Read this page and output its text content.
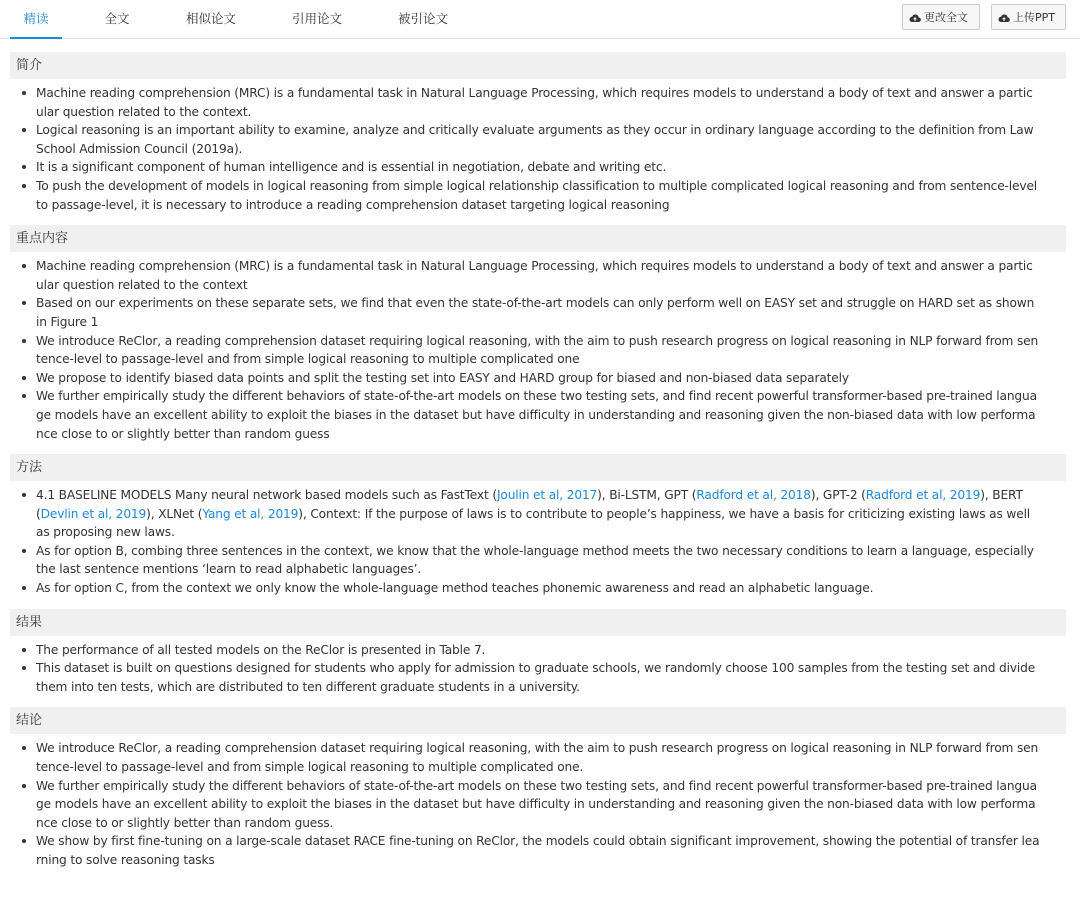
精读	全文	相似论文	引用论文	被引论文	更改全文	上传PPT
简介
Machine reading comprehension (MRC) is a fundamental task in Natural Language Processing, which requires models to understand a body of text and answer a particular question related to the context.
Logical reasoning is an important ability to examine, analyze and critically evaluate arguments as they occur in ordinary language according to the definition from Law School Admission Council (2019a).
It is a significant component of human intelligence and is essential in negotiation, debate and writing etc.
To push the development of models in logical reasoning from simple logical relationship classification to multiple complicated logical reasoning and from sentence-level to passage-level, it is necessary to introduce a reading comprehension dataset targeting logical reasoning
重点内容
Machine reading comprehension (MRC) is a fundamental task in Natural Language Processing, which requires models to understand a body of text and answer a particular question related to the context
Based on our experiments on these separate sets, we find that even the state-of-the-art models can only perform well on EASY set and struggle on HARD set as shown in Figure 1
We introduce ReClor, a reading comprehension dataset requiring logical reasoning, with the aim to push research progress on logical reasoning in NLP forward from sentence-level to passage-level and from simple logical reasoning to multiple complicated one
We propose to identify biased data points and split the testing set into EASY and HARD group for biased and non-biased data separately
We further empirically study the different behaviors of state-of-the-art models on these two testing sets, and find recent powerful transformer-based pre-trained language models have an excellent ability to exploit the biases in the dataset but have difficulty in understanding and reasoning given the non-biased data with low performance close to or slightly better than random guess
方法
4.1 BASELINE MODELS Many neural network based models such as FastText (Joulin et al, 2017), Bi-LSTM, GPT (Radford et al, 2018), GPT-2 (Radford et al, 2019), BERT (Devlin et al, 2019), XLNet (Yang et al, 2019), Context: If the purpose of laws is to contribute to people’s happiness, we have a basis for criticizing existing laws as well as proposing new laws.
As for option B, combing three sentences in the context, we know that the whole-language method meets the two necessary conditions to learn a language, especially the last sentence mentions ‘learn to read alphabetic languages’.
As for option C, from the context we only know the whole-language method teaches phonemic awareness and read an alphabetic language.
结果
The performance of all tested models on the ReClor is presented in Table 7.
This dataset is built on questions designed for students who apply for admission to graduate schools, we randomly choose 100 samples from the testing set and divide them into ten tests, which are distributed to ten different graduate students in a university.
结论
We introduce ReClor, a reading comprehension dataset requiring logical reasoning, with the aim to push research progress on logical reasoning in NLP forward from sentence-level to passage-level and from simple logical reasoning to multiple complicated one.
We further empirically study the different behaviors of state-of-the-art models on these two testing sets, and find recent powerful transformer-based pre-trained language models have an excellent ability to exploit the biases in the dataset but have difficulty in understanding and reasoning given the non-biased data with low performance close to or slightly better than random guess.
We show by first fine-tuning on a large-scale dataset RACE fine-tuning on ReClor, the models could obtain significant improvement, showing the potential of transfer learning to solve reasoning tasks
